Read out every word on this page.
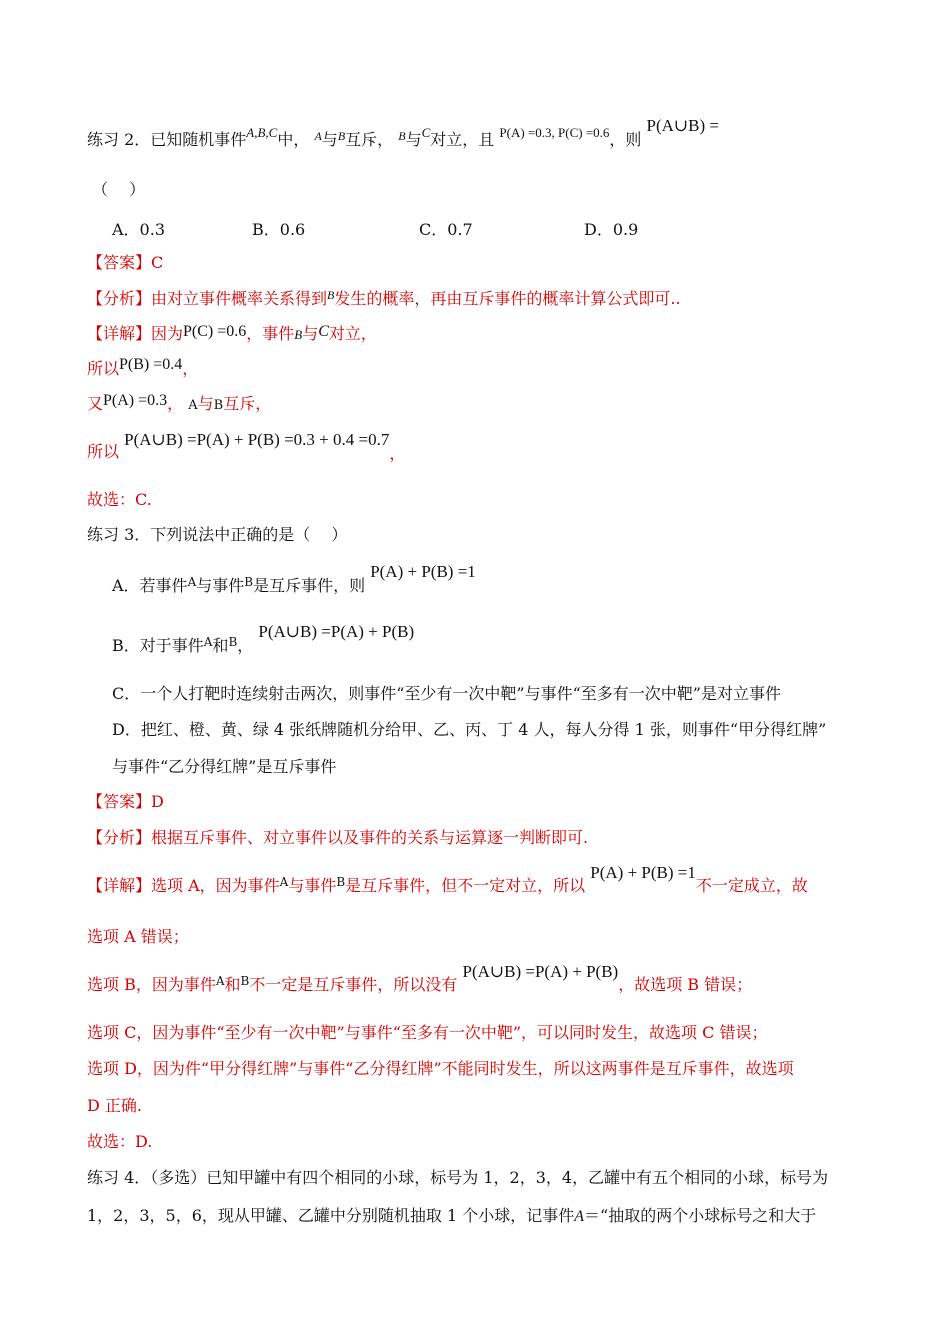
练习 2．已知随机事件$^{A,B,C}$中， $^A$与$^B$互斥， $^B$与$^C$对立，且 $^{P(A) =0.3, P(C) =0.6}$，则 P(A∪B) =
（　 ）
A．0.3	B．0.6	C．0.7	D．0.9
【答案】C
【分析】由对立事件概率关系得到$^B$发生的概率，再由互斥事件的概率计算公式即可..
【详解】因为P(C) =0.6，事件B与C对立，
所以P(B) =0.4，
又P(A) =0.3， A与B互斥，
所以 P(A∪B) =P(A) + P(B) =0.3 + 0.4 =0.7，
故选：C.
练习 3．下列说法中正确的是（　 ）
A．若事件$^A$与事件$^B$是互斥事件，则 P(A) + P(B) =1
B．对于事件$^A$和$^B$， P(A∪B) =P(A) + P(B)
C．一个人打靶时连续射击两次，则事件“至少有一次中靶”与事件“至多有一次中靶”是对立事件
D．把红、橙、黄、绿 4 张纸牌随机分给甲、乙、丙、丁 4 人，每人分得 1 张，则事件“甲分得红牌”
与事件“乙分得红牌”是互斥事件
【答案】D
【分析】根据互斥事件、对立事件以及事件的关系与运算逐一判断即可.
【详解】选项 A，因为事件$^A$与事件$^B$是互斥事件，但不一定对立，所以 P(A) + P(B) =1不一定成立，故
选项 A 错误；
选项 B，因为事件$^A$和$^B$不一定是互斥事件，所以没有 P(A∪B) =P(A) + P(B)，故选项 B 错误；
选项 C，因为事件“至少有一次中靶”与事件“至多有一次中靶”，可以同时发生，故选项 C 错误；
选项 D，因为件“甲分得红牌”与事件“乙分得红牌”不能同时发生，所以这两事件是互斥事件，故选项
D 正确.
故选：D.
练习 4．（多选）已知甲罐中有四个相同的小球，标号为 1，2，3，4，乙罐中有五个相同的小球，标号为
1，2，3，5，6，现从甲罐、乙罐中分别随机抽取 1 个小球，记事件A＝“抽取的两个小球标号之和大于
